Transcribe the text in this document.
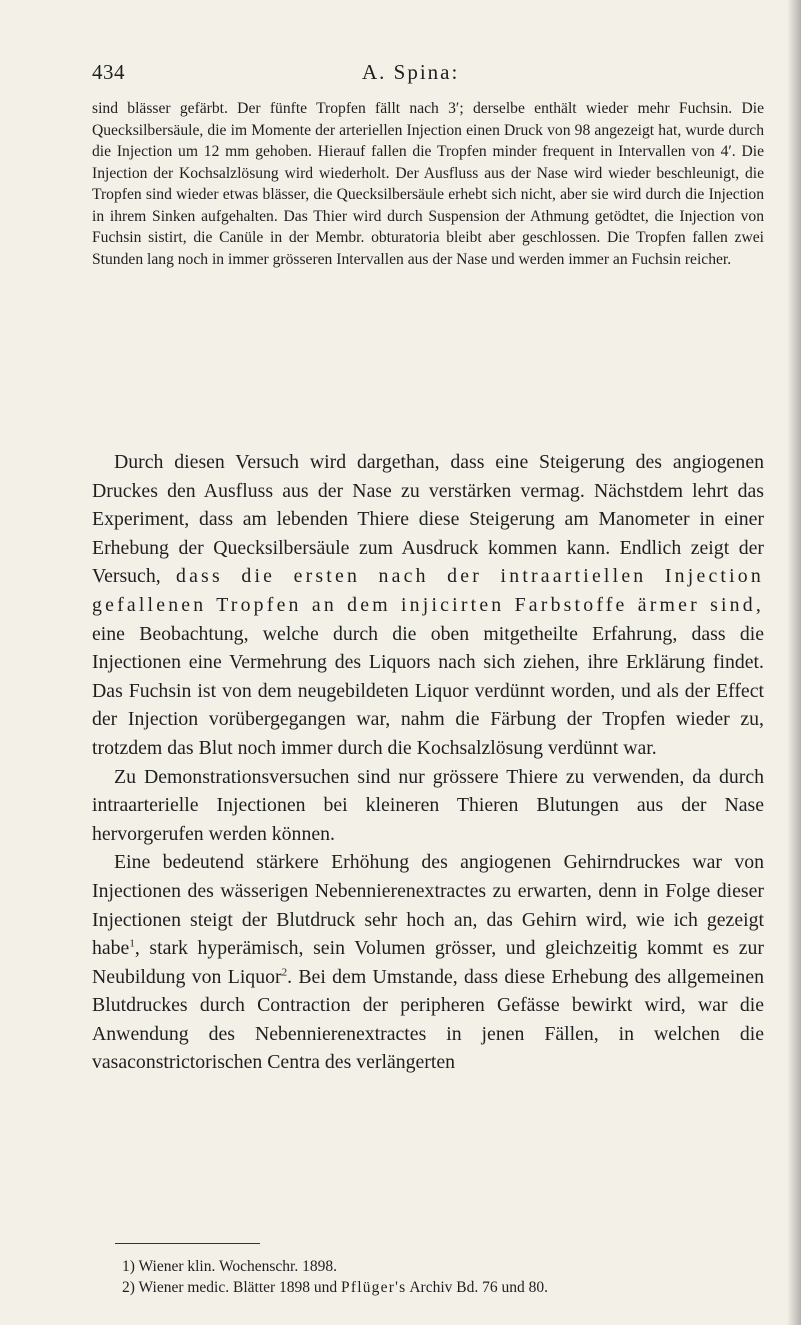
434	A. Spina:

sind blässer gefärbt. Der fünfte Tropfen fällt nach 3′; derselbe enthält wieder mehr Fuchsin. Die Quecksilbersäule, die im Momente der arteriellen Injection einen Druck von 98 angezeigt hat, wurde durch die Injection um 12 mm gehoben. Hierauf fallen die Tropfen minder frequent in Intervallen von 4′. Die Injection der Kochsalzlösung wird wiederholt. Der Ausfluss aus der Nase wird wieder beschleunigt, die Tropfen sind wieder etwas blässer, die Quecksilbersäule erhebt sich nicht, aber sie wird durch die Injection in ihrem Sinken aufgehalten. Das Thier wird durch Suspension der Athmung getödtet, die Injection von Fuchsin sistirt, die Canüle in der Membr. obturatoria bleibt aber geschlossen. Die Tropfen fallen zwei Stunden lang noch in immer grösseren Intervallen aus der Nase und werden immer an Fuchsin reicher.

Durch diesen Versuch wird dargethan, dass eine Steigerung des angiogenen Druckes den Ausfluss aus der Nase zu verstärken vermag. Nächstdem lehrt das Experiment, dass am lebenden Thiere diese Steigerung am Manometer in einer Erhebung der Quecksilbersäule zum Ausdruck kommen kann. Endlich zeigt der Versuch, dass die ersten nach der intraartiellen Injection gefallenen Tropfen an dem injicirten Farbstoffe ärmer sind, eine Beobachtung, welche durch die oben mitgetheilte Erfahrung, dass die Injectionen eine Vermehrung des Liquors nach sich ziehen, ihre Erklärung findet. Das Fuchsin ist von dem neugebildeten Liquor verdünnt worden, und als der Effect der Injection vorübergegangen war, nahm die Färbung der Tropfen wieder zu, trotzdem das Blut noch immer durch die Kochsalzlösung verdünnt war.

Zu Demonstrationsversuchen sind nur grössere Thiere zu verwenden, da durch intraarterielle Injectionen bei kleineren Thieren Blutungen aus der Nase hervorgerufen werden können.

Eine bedeutend stärkere Erhöhung des angiogenen Gehirndruckes war von Injectionen des wässerigen Nebennierenextractes zu erwarten, denn in Folge dieser Injectionen steigt der Blutdruck sehr hoch an, das Gehirn wird, wie ich gezeigt habe$^1$, stark hyperämisch, sein Volumen grösser, und gleichzeitig kommt es zur Neubildung von Liquor$^2$. Bei dem Umstande, dass diese Erhebung des allgemeinen Blutdruckes durch Contraction der peripheren Gefässe bewirkt wird, war die Anwendung des Nebennierenextractes in jenen Fällen, in welchen die vasaconstrictorischen Centra des verlängerten

1) Wiener klin. Wochenschr. 1898.
2) Wiener medic. Blätter 1898 und Pflüger's Archiv Bd. 76 und 80.
